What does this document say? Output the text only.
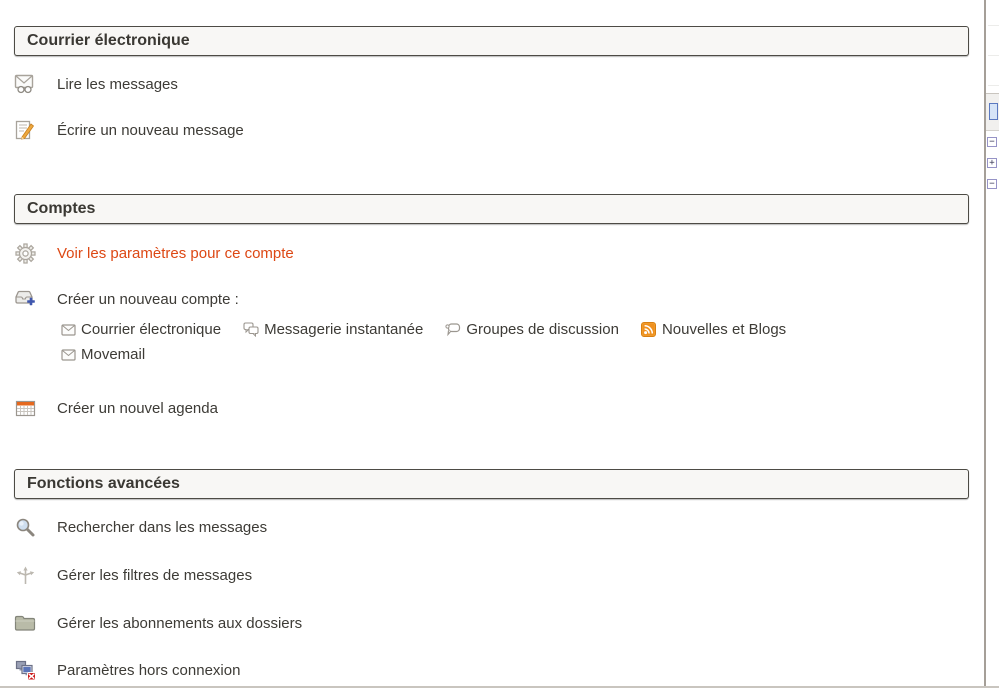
Courrier électronique
Lire les messages
Écrire un nouveau message
Comptes
Voir les paramètres pour ce compte
Créer un nouveau compte :
Courrier électronique	Messagerie instantanée	Groupes de discussion	Nouvelles et Blogs
Movemail
Créer un nouvel agenda
Fonctions avancées
Rechercher dans les messages
Gérer les filtres de messages
Gérer les abonnements aux dossiers
Paramètres hors connexion
−
+
−
